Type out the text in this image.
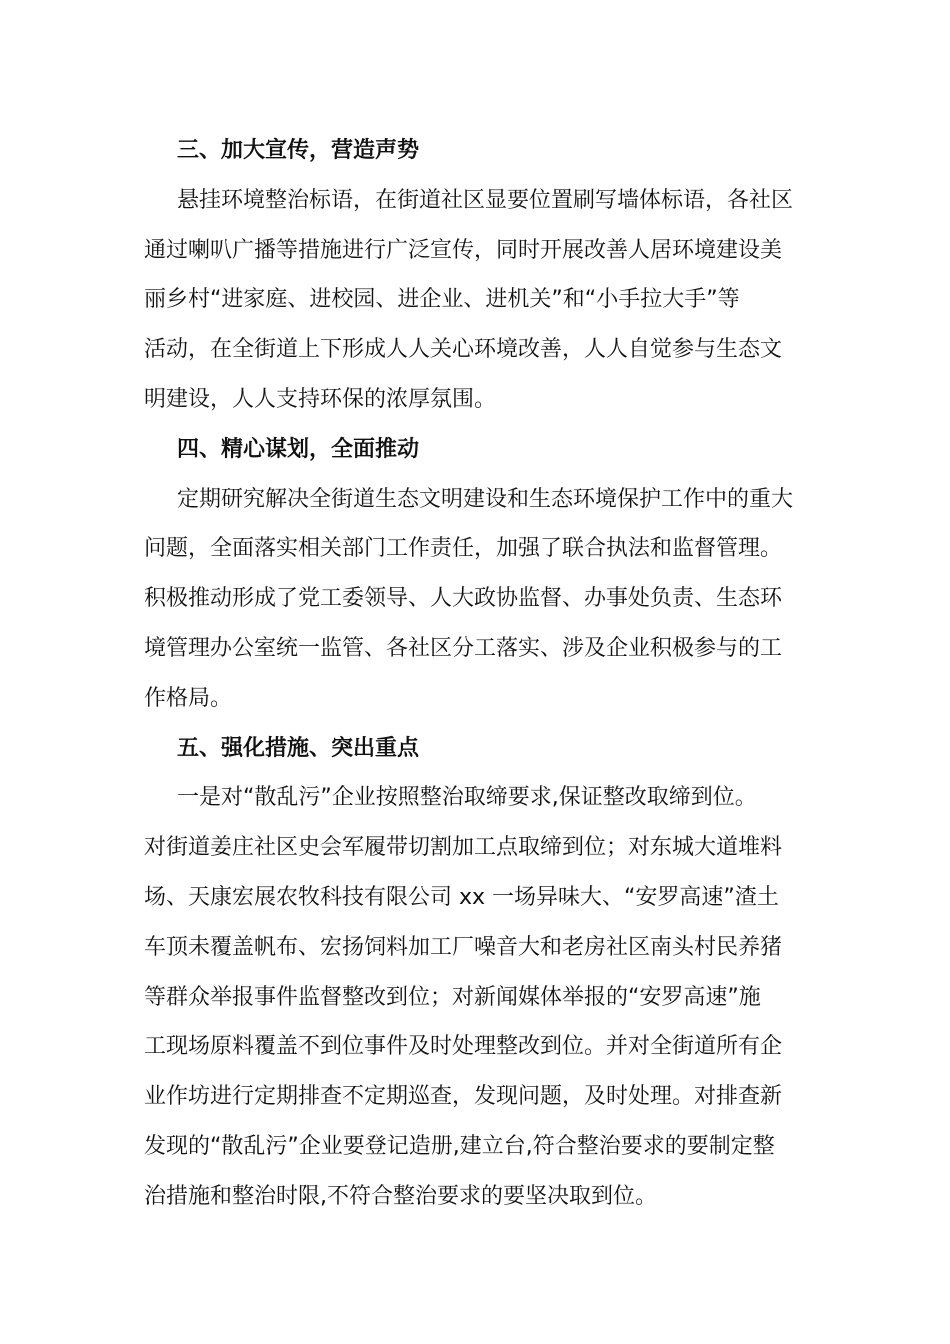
三、加大宣传，营造声势

悬挂环境整治标语，在街道社区显要位置刷写墙体标语，各社区
通过喇叭广播等措施进行广泛宣传，同时开展改善人居环境建设美
丽乡村“进家庭、进校园、进企业、进机关”和“小手拉大手”等
活动，在全街道上下形成人人关心环境改善，人人自觉参与生态文
明建设，人人支持环保的浓厚氛围。

四、精心谋划，全面推动

定期研究解决全街道生态文明建设和生态环境保护工作中的重大
问题，全面落实相关部门工作责任，加强了联合执法和监督管理。
积极推动形成了党工委领导、人大政协监督、办事处负责、生态环
境管理办公室统一监管、各社区分工落实、涉及企业积极参与的工
作格局。

五、强化措施、突出重点

一是对“散乱污”企业按照整治取缔要求,保证整改取缔到位。
对街道姜庄社区史会军履带切割加工点取缔到位；对东城大道堆料
场、天康宏展农牧科技有限公司 xx 一场异味大、“安罗高速”渣土
车顶未覆盖帆布、宏扬饲料加工厂噪音大和老房社区南头村民养猪
等群众举报事件监督整改到位；对新闻媒体举报的“安罗高速”施
工现场原料覆盖不到位事件及时处理整改到位。并对全街道所有企
业作坊进行定期排查不定期巡查，发现问题，及时处理。对排查新
发现的“散乱污”企业要登记造册,建立台,符合整治要求的要制定整
治措施和整治时限,不符合整治要求的要坚决取到位。
